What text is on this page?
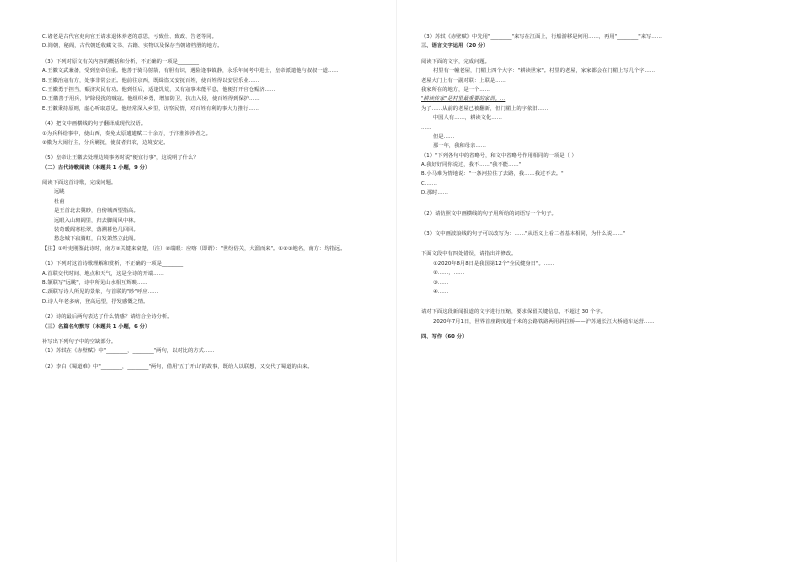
C.诸老是古代官吏向官王请求退休养老的意思，亏致仕、致政、告老等同。

D.简朝，秘阁，古代朝廷收藏文书、古籍、实物以及保存当朝诸档册的地方。

（3）下列对原文有关内容的概括和分析，不正确的一项是________

A.王徽文武兼备，受到皇帝信重。他善于骑马射箭，有胆有识，遇险逢事镇静，永乐年间考中进士，皇帝派遣他与叔叔一道……

B.王徽治寇有方，处事非常公正。他前往京西，既缉盗又安抚百姓，使百姓得以安居乐业……

C.王徽勇于担当，赈济灾民有功。他到任后，适逢饥荒，又有寇事未能平息，他便打开官仓赈济……

D.王徽善于用兵，铲除侵扰的贼寇。他组织乡勇，增加防卫，抗击入侵，使百姓得到保护……

E.王徽秉持原则，虚心听取意见。他经常深入乡里，访察民情，对百姓有利的事大力推行……

（4）把文中画横线的句子翻译成现代汉语。

①为兵科给事中，使山西，奏免太原逋逋赋二十余万，于汴淮涉涉者之。

②徽为大闹行主，分兵剿抚，使贫者归农，边境安定。

（5）皇帝让王徽去处理边境事务时说"便宜行事"，这说明了什么？

（二）古代诗歌阅读（本题共 1 小题，9 分）

阅读下面这首诗歌，完成问题。

远眺

杜甫

是王首北去冀眇，自傍城西望指高。

远眼入山斑阔里，归去脚阅风中林。

装奇暖阁寒松翠，落溯暮色几回回。

愁念城下寂骑虹，白发萧然立此阁。

【注】①叶吏刚鉴此诗时，南方②关键来衰楚，（注）②端眼：应喀（即谓）："世纷俗关，大溜而来"。①②③地名，南方：均指远。

（1）下列对这首诗歌理解和赏析，不正确的一项是________

A.首联交代时间、地点和天气，这是全诗的开端……

B.颔联写"远眺"，诗中所见山水相互辉映……

C.颈联写诗人所见的景象，与首联的"眇"呼应……

D.诗人年老多病，登高远望，抒发感慨之情。

（2）诗的最后两句表达了什么情感？请结合全诗分析。

（三）名篇名句默写（本题共 1 小题，6 分）

补写出下列句子中的空缺部分。

（1）苏轼在《赤壁赋》中"________，________"两句，以对比的方式……

（2）李白《蜀道难》中"________，________"两句，借用'五丁开山'的故事，既给人以联想，又交代了蜀道的由来。

（3）苏轼《赤壁赋》中先用"________"来写在江面上，行船游移是何用……，再用"________"来写……

三、语言文字运用（20 分）

阅读下面的文字，完成问题。

村里有一幢老屋，门楣上四个大字："耕读世家"。村里的老屋，家家都会在门楣上写几个字……

老屋大门上有一副对联：上联是……

我家所在的地方，是一个……

"耕读传家"是村里最重要的家训。…

为了……从前的老屋已被翻新，但门楣上的字依旧……

中国人有……，耕读文化……

……

但是……

那一年，我和母亲……

（1）"下列各句中的省略号，和文中省略号作用相同的一项是（ ）

A.我好好同你说过，我不……"我不能……"

B.小马难为情地说："一条河拉住了去路，我……我过不去。"

C.……

D.那时……

（2）请仿照文中画横线的句子用所给的词语写一个句子。

（3）文中画波浪线的句子可以改写为：……"从语义上看二者基本相同，为什么说……"

下面文段中有四处错误，请指出并修改。

①2020年8月8日是我国第12个"全民健身日"。……

②……，……

③……

④……

请对下面这段新闻报道的文字进行压缩，要求保留关键信息，不超过 30 个字。

2020年7月1日，世界首座跨度超千米的公路铁路两用斜拉桥——沪苏通长江大桥通车运营……

四、写作（60 分）
